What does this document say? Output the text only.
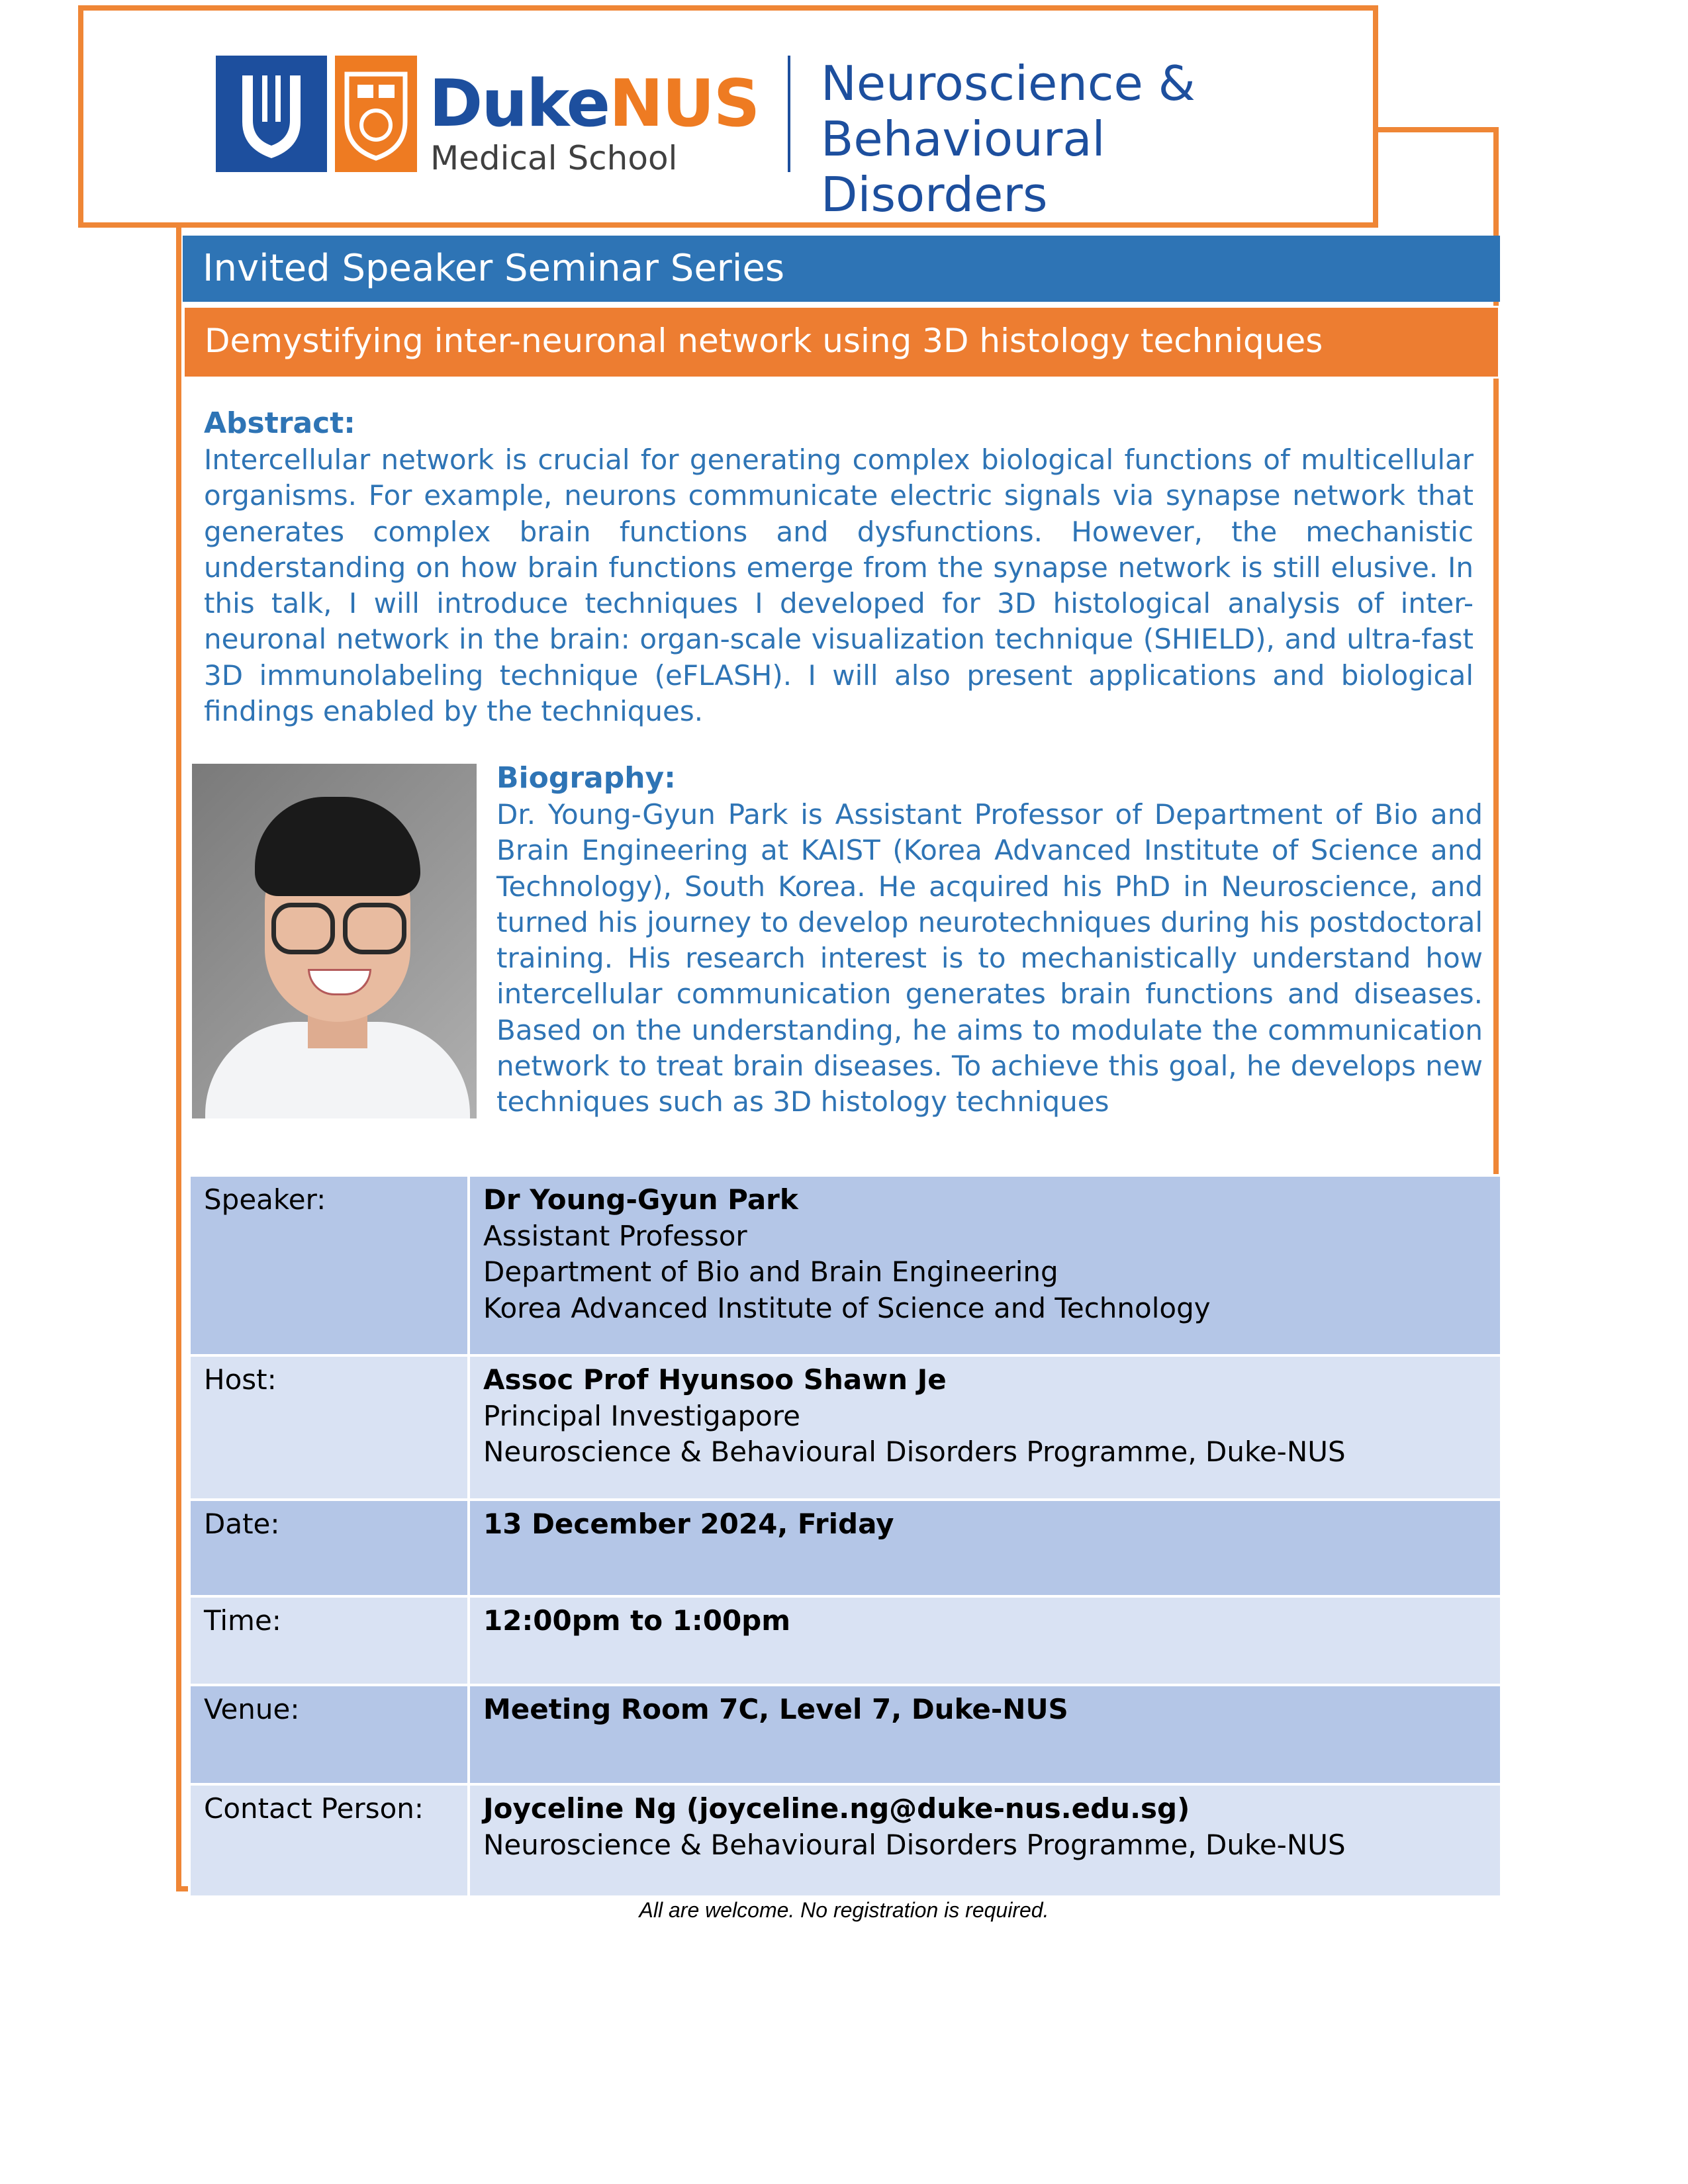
DukeNUS
Medical School
Neuroscience &
Behavioural Disorders
Invited Speaker Seminar Series
Demystifying inter-neuronal network using 3D histology techniques
Abstract:
Intercellular network is crucial for generating complex biological functions of multicellular organisms. For example, neurons communicate electric signals via synapse network that generates complex brain functions and dysfunctions. However, the mechanistic understanding on how brain functions emerge from the synapse network is still elusive. In this talk, I will introduce techniques I developed for 3D histological analysis of inter-neuronal network in the brain: organ-scale visualization technique (SHIELD), and ultra-fast 3D immunolabeling technique (eFLASH). I will also present applications and biological findings enabled by the techniques.
Biography:
Dr. Young-Gyun Park is Assistant Professor of Department of Bio and Brain Engineering at KAIST (Korea Advanced Institute of Science and Technology), South Korea. He acquired his PhD in Neuroscience, and turned his journey to develop neurotechniques during his postdoctoral training. His research interest is to mechanistically understand how intercellular communication generates brain functions and diseases. Based on the understanding, he aims to modulate the communication network to treat brain diseases. To achieve this goal, he develops new techniques such as 3D histology techniques
Speaker:	Dr Young-Gyun Park
Assistant Professor
Department of Bio and Brain Engineering
Korea Advanced Institute of Science and Technology

Host:	Assoc Prof Hyunsoo Shawn Je
Principal Investigapore
Neuroscience & Behavioural Disorders Programme, Duke-NUS

Date:	13 December 2024, Friday
Time:	12:00pm to 1:00pm
Venue:	Meeting Room 7C, Level 7, Duke-NUS
Contact Person:	Joyceline Ng (joyceline.ng@duke-nus.edu.sg)
Neuroscience & Behavioural Disorders Programme, Duke-NUS
All are welcome. No registration is required.
